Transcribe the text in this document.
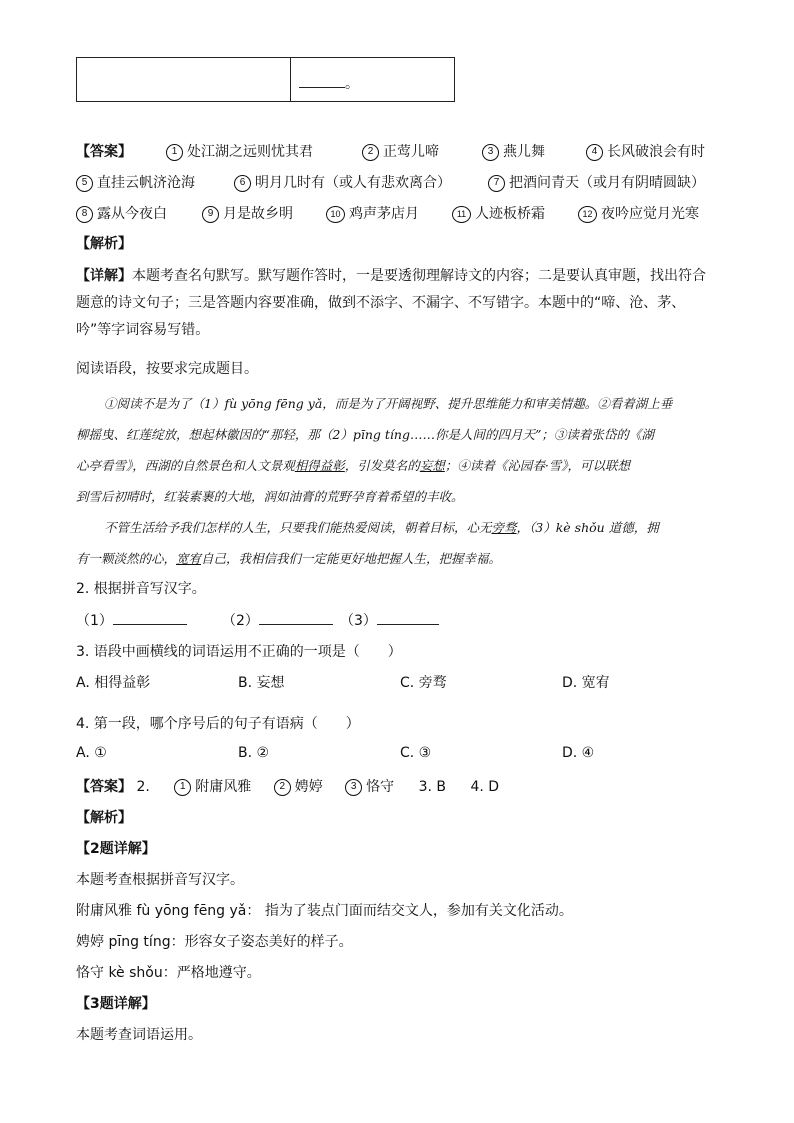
。
【答案】	1 处江湖之远则忧其君	2 正莺儿啼	3 燕儿舞	4 长风破浪会有时
5 直挂云帆济沧海	6 明月几时有（或人有悲欢离合）	7 把酒问青天（或月有阴晴圆缺）
8 露从今夜白	9 月是故乡明	10 鸡声茅店月	11 人迹板桥霜	12 夜吟应觉月光寒
【解析】
【详解】本题考查名句默写。默写题作答时，一是要透彻理解诗文的内容；二是要认真审题，找出符合
题意的诗文句子；三是答题内容要准确，做到不添字、不漏字、不写错字。本题中的“啼、沧、茅、
吟”等字词容易写错。
阅读语段，按要求完成题目。
①阅读不是为了（1）fù yōng fēng yǎ，而是为了开阔视野、提升思维能力和审美情趣。②看着湖上垂
柳摇曳、红莲绽放，想起林徽因的“那轻，那（2）pīng tíng……你是人间的四月天”；③读着张岱的《湖
心亭看雪》，西湖的自然景色和人文景观相得益彰，引发莫名的妄想；④读着《沁园春·雪》，可以联想
到雪后初晴时，红装素裹的大地，润如油膏的荒野孕育着希望的丰收。
不管生活给予我们怎样的人生，只要我们能热爱阅读，朝着目标，心无旁骛，（3）kè shǒu 道德，拥
有一颗淡然的心，宽宥自己，我相信我们一定能更好地把握人生，把握幸福。
2. 根据拼音写汉字。
（1）	（2）	（3）
3. 语段中画横线的词语运用不正确的一项是（　　）
A. 相得益彰	B. 妄想	C. 旁骛	D. 宽宥
4. 第一段，哪个序号后的句子有语病（　　）
A. ①	B. ②	C. ③	D. ④
【答案】 2.	1 附庸风雅	2 娉婷	3 恪守 3. B 4. D
【解析】
【2题详解】
本题考查根据拼音写汉字。
附庸风雅 fù yōng fēng yǎ： 指为了装点门面而结交文人，参加有关文化活动。
娉婷 pīng tíng：形容女子姿态美好的样子。
恪守 kè shǒu：严格地遵守。
【3题详解】
本题考查词语运用。
